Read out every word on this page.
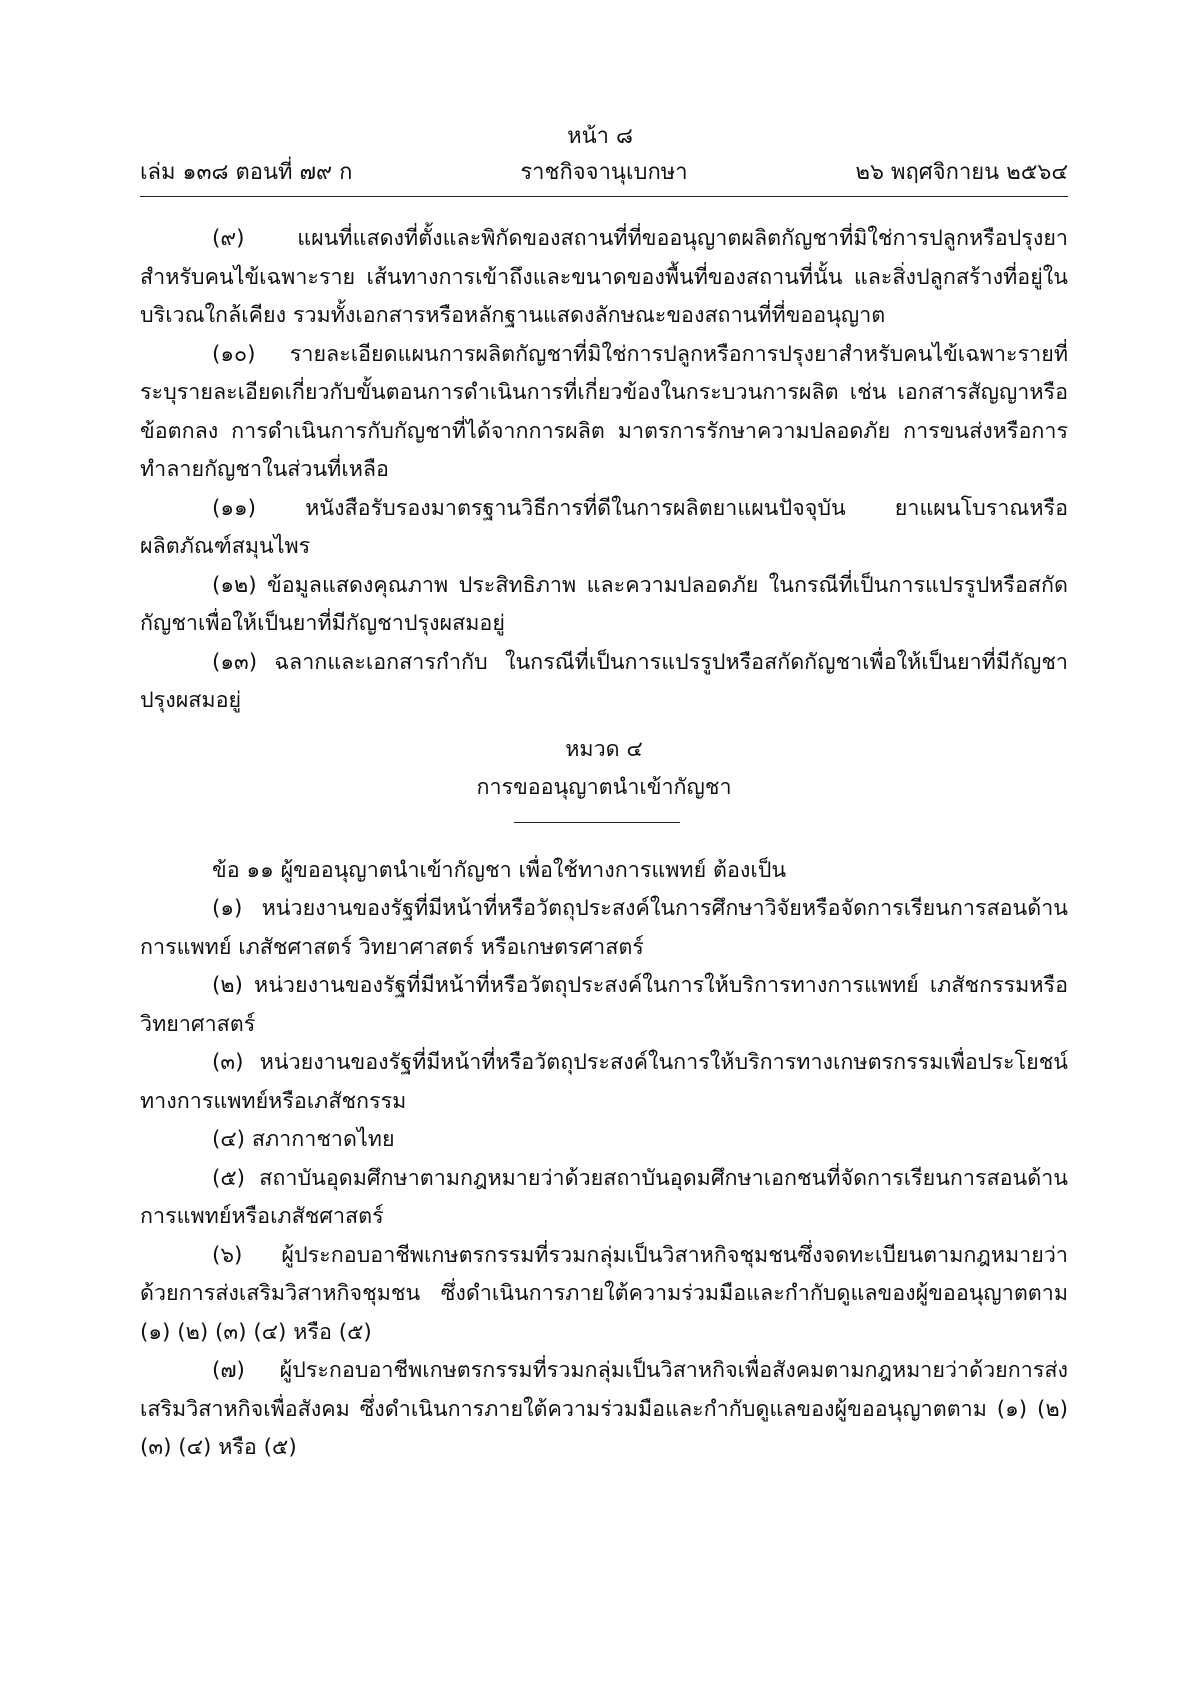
หน้า ๘
เล่ม ๑๓๘ ตอนที่ ๗๙ ก	ราชกิจจานุเบกษา	๒๖ พฤศจิกายน ๒๕๖๔

(๙) แผนที่แสดงที่ตั้งและพิกัดของสถานที่ที่ขออนุญาตผลิตกัญชาที่มิใช่การปลูกหรือปรุงยาสำหรับคนไข้เฉพาะราย เส้นทางการเข้าถึงและขนาดของพื้นที่ของสถานที่นั้น และสิ่งปลูกสร้างที่อยู่ในบริเวณใกล้เคียง รวมทั้งเอกสารหรือหลักฐานแสดงลักษณะของสถานที่ที่ขออนุญาต

(๑๐) รายละเอียดแผนการผลิตกัญชาที่มิใช่การปลูกหรือการปรุงยาสำหรับคนไข้เฉพาะรายที่ระบุรายละเอียดเกี่ยวกับขั้นตอนการดำเนินการที่เกี่ยวข้องในกระบวนการผลิต เช่น เอกสารสัญญาหรือข้อตกลง การดำเนินการกับกัญชาที่ได้จากการผลิต มาตรการรักษาความปลอดภัย การขนส่งหรือการทำลายกัญชาในส่วนที่เหลือ

(๑๑) หนังสือรับรองมาตรฐานวิธีการที่ดีในการผลิตยาแผนปัจจุบัน ยาแผนโบราณหรือผลิตภัณฑ์สมุนไพร

(๑๒) ข้อมูลแสดงคุณภาพ ประสิทธิภาพ และความปลอดภัย ในกรณีที่เป็นการแปรรูปหรือสกัดกัญชาเพื่อให้เป็นยาที่มีกัญชาปรุงผสมอยู่

(๑๓) ฉลากและเอกสารกำกับ ในกรณีที่เป็นการแปรรูปหรือสกัดกัญชาเพื่อให้เป็นยาที่มีกัญชาปรุงผสมอยู่

หมวด ๔

การขออนุญาตนำเข้ากัญชา

ข้อ ๑๑ ผู้ขออนุญาตนำเข้ากัญชา เพื่อใช้ทางการแพทย์ ต้องเป็น

(๑) หน่วยงานของรัฐที่มีหน้าที่หรือวัตถุประสงค์ในการศึกษาวิจัยหรือจัดการเรียนการสอนด้านการแพทย์ เภสัชศาสตร์ วิทยาศาสตร์ หรือเกษตรศาสตร์

(๒) หน่วยงานของรัฐที่มีหน้าที่หรือวัตถุประสงค์ในการให้บริการทางการแพทย์ เภสัชกรรมหรือวิทยาศาสตร์

(๓) หน่วยงานของรัฐที่มีหน้าที่หรือวัตถุประสงค์ในการให้บริการทางเกษตรกรรมเพื่อประโยชน์ทางการแพทย์หรือเภสัชกรรม

(๔) สภากาชาดไทย

(๕) สถาบันอุดมศึกษาตามกฎหมายว่าด้วยสถาบันอุดมศึกษาเอกชนที่จัดการเรียนการสอนด้านการแพทย์หรือเภสัชศาสตร์

(๖) ผู้ประกอบอาชีพเกษตรกรรมที่รวมกลุ่มเป็นวิสาหกิจชุมชนซึ่งจดทะเบียนตามกฎหมายว่าด้วยการส่งเสริมวิสาหกิจชุมชน ซึ่งดำเนินการภายใต้ความร่วมมือและกำกับดูแลของผู้ขออนุญาตตาม (๑) (๒) (๓) (๔) หรือ (๕)

(๗) ผู้ประกอบอาชีพเกษตรกรรมที่รวมกลุ่มเป็นวิสาหกิจเพื่อสังคมตามกฎหมายว่าด้วยการส่งเสริมวิสาหกิจเพื่อสังคม ซึ่งดำเนินการภายใต้ความร่วมมือและกำกับดูแลของผู้ขออนุญาตตาม (๑) (๒) (๓) (๔) หรือ (๕)
